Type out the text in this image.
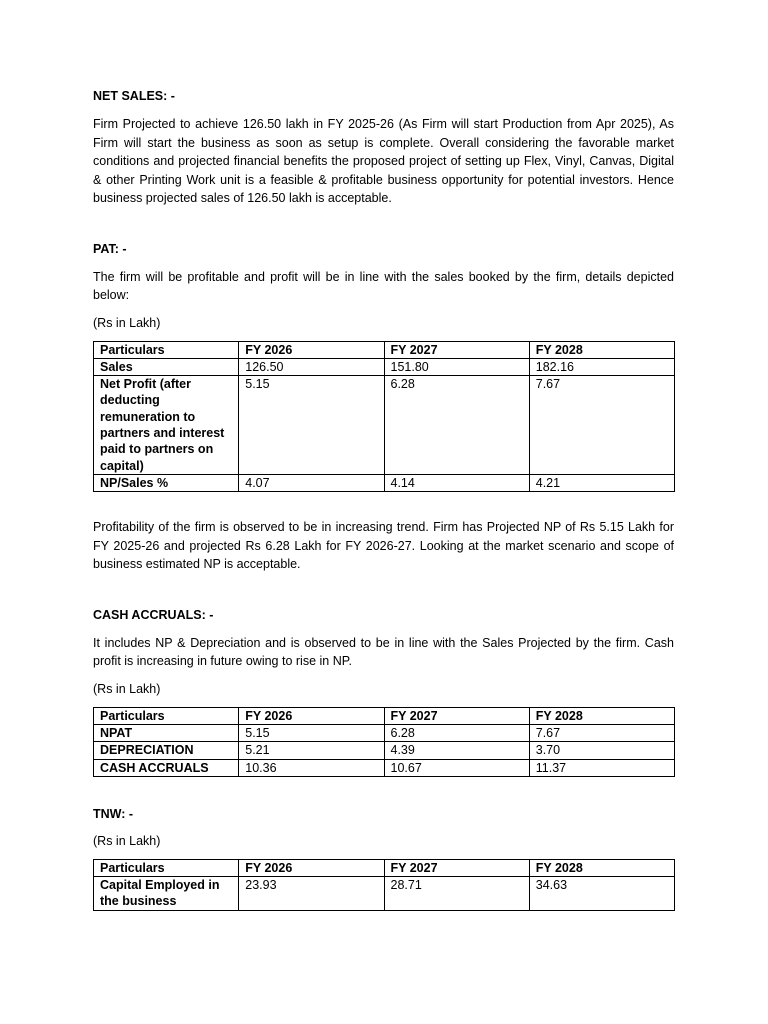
NET SALES: -
Firm Projected to achieve 126.50 lakh in FY 2025-26 (As Firm will start Production from Apr 2025), As Firm will start the business as soon as setup is complete. Overall considering the favorable market conditions and projected financial benefits the proposed project of setting up Flex, Vinyl, Canvas, Digital & other Printing Work unit is a feasible & profitable business opportunity for potential investors. Hence business projected sales of 126.50 lakh is acceptable.
PAT: -
The firm will be profitable and profit will be in line with the sales booked by the firm, details depicted below:
(Rs in Lakh)
Particulars	FY 2026	FY 2027	FY 2028
Sales	126.50	151.80	182.16
Net Profit (after deducting remuneration to partners and interest paid to partners on capital)	5.15	6.28	7.67
NP/Sales %	4.07	4.14	4.21
Profitability of the firm is observed to be in increasing trend. Firm has Projected NP of Rs 5.15 Lakh for FY 2025-26 and projected Rs 6.28 Lakh for FY 2026-27. Looking at the market scenario and scope of business estimated NP is acceptable.
CASH ACCRUALS: -
It includes NP & Depreciation and is observed to be in line with the Sales Projected by the firm. Cash profit is increasing in future owing to rise in NP.
(Rs in Lakh)
Particulars	FY 2026	FY 2027	FY 2028
NPAT	5.15	6.28	7.67
DEPRECIATION	5.21	4.39	3.70
CASH ACCRUALS	10.36	10.67	11.37
TNW: -
(Rs in Lakh)
Particulars	FY 2026	FY 2027	FY 2028
Capital Employed in the business	23.93	28.71	34.63
